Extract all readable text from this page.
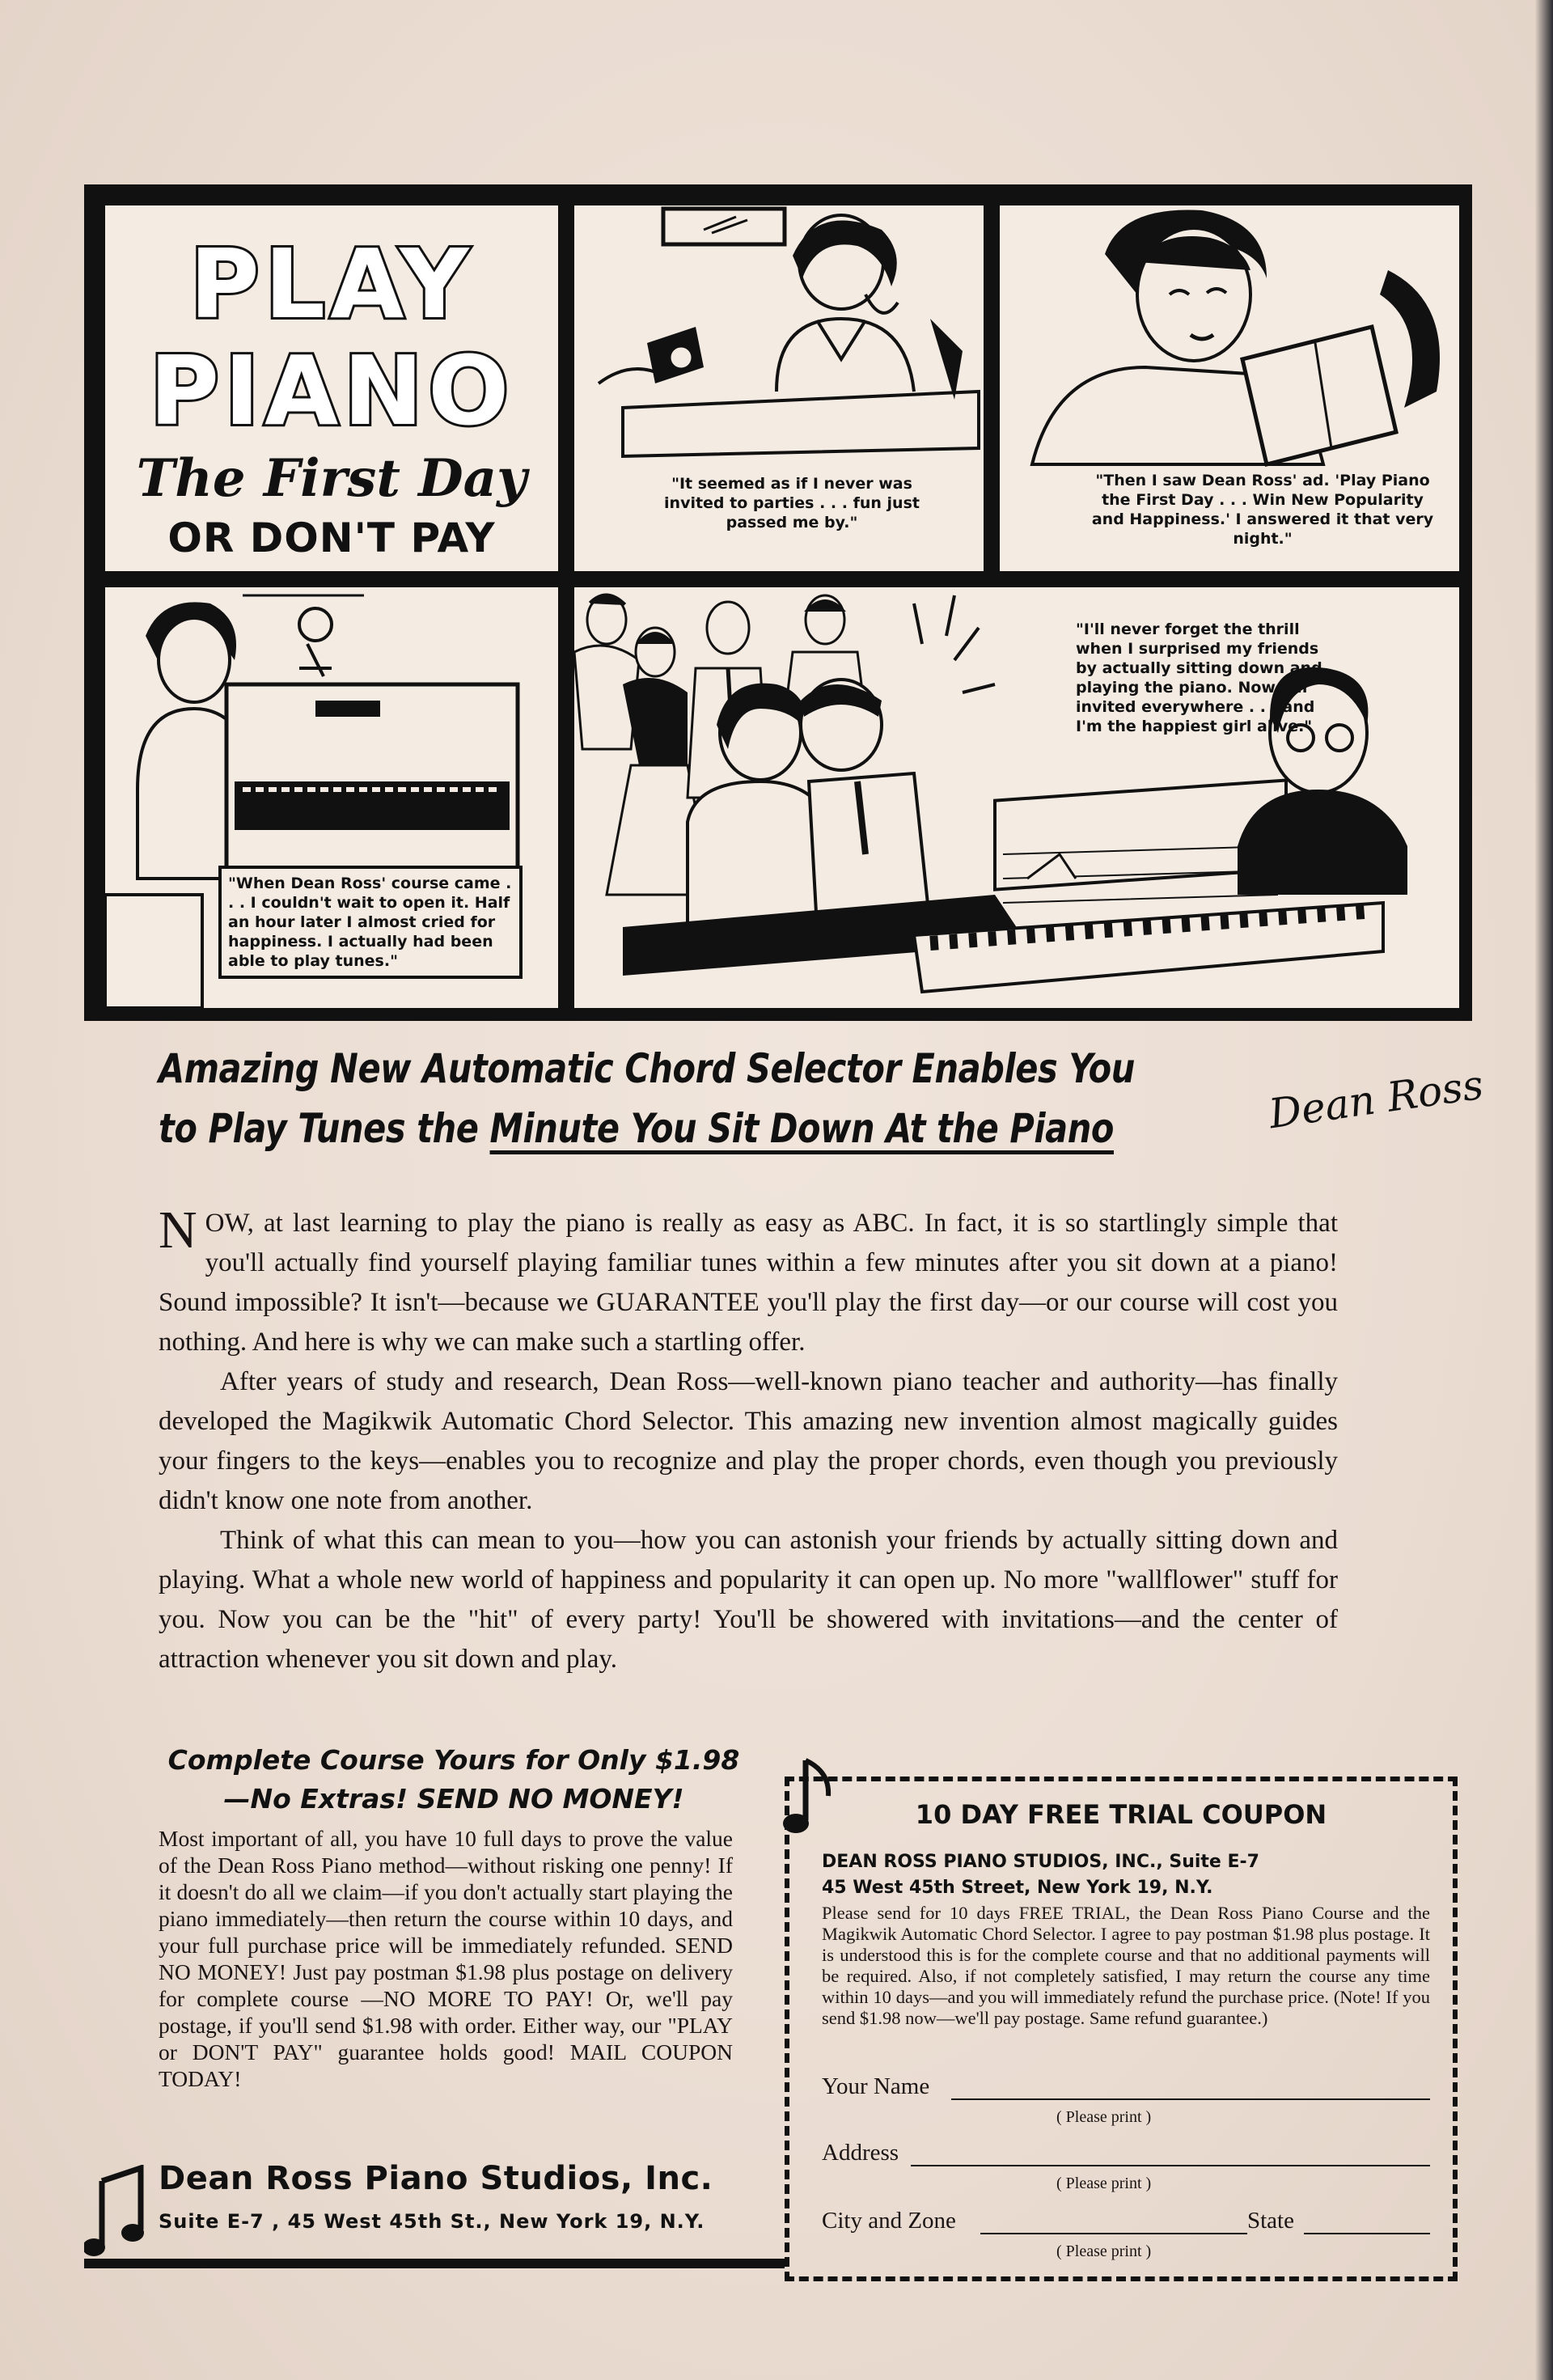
PLAY
PIANO
The First Day
OR DON'T PAY
"It seemed as if I never was invited to parties . . . fun just passed me by."
"Then I saw Dean Ross' ad. 'Play Piano the First Day . . . Win New Popularity and Happiness.' I answered it that very night."
"When Dean Ross' course came . . . I couldn't wait to open it. Half an hour later I almost cried for happiness. I actually had been able to play tunes."
"I'll never forget the thrill when I surprised my friends by actually sitting down and playing the piano. Now I'm invited everywhere . . . and I'm the happiest girl alive."
Amazing New Automatic Chord Selector Enables You
to Play Tunes the Minute You Sit Down At the Piano	Dean Ross

NOW, at last learning to play the piano is really as easy as ABC. In fact, it is so startlingly simple that you'll actually find yourself playing familiar tunes within a few minutes after you sit down at a piano! Sound impossible? It isn't—because we GUARANTEE you'll play the first day—or our course will cost you nothing. And here is why we can make such a startling offer.

After years of study and research, Dean Ross—well-known piano teacher and authority—has finally developed the Magikwik Automatic Chord Selector. This amazing new invention almost magically guides your fingers to the keys—enables you to recognize and play the proper chords, even though you previously didn't know one note from another.

Think of what this can mean to you—how you can astonish your friends by actually sitting down and playing. What a whole new world of happiness and popularity it can open up. No more "wallflower" stuff for you. Now you can be the "hit" of every party! You'll be showered with invitations—and the center of attraction whenever you sit down and play.

Complete Course Yours for Only $1.98
—No Extras! SEND NO MONEY!
Most important of all, you have 10 full days to prove the value of the Dean Ross Piano method—without risking one penny! If it doesn't do all we claim—if you don't actually start playing the piano immediately—then return the course within 10 days, and your full purchase price will be immediately refunded. SEND NO MONEY! Just pay postman $1.98 plus postage on delivery for complete course —NO MORE TO PAY! Or, we'll pay postage, if you'll send $1.98 with order. Either way, our "PLAY or DON'T PAY" guarantee holds good! MAIL COUPON TODAY!
Dean Ross Piano Studios, Inc.
Suite E-7 , 45 West 45th St., New York 19, N.Y.
10 DAY FREE TRIAL COUPON
DEAN ROSS PIANO STUDIOS, INC., Suite E-7
45 West 45th Street, New York 19, N.Y.
Please send for 10 days FREE TRIAL, the Dean Ross Piano Course and the Magikwik Automatic Chord Selector. I agree to pay postman $1.98 plus postage. It is understood this is for the complete course and that no additional payments will be required. Also, if not completely satisfied, I may return the course any time within 10 days—and you will immediately refund the purchase price. (Note! If you send $1.98 now—we'll pay postage. Same refund guarantee.)
Your Name
( Please print )
Address
( Please print )
City and Zone	State
( Please print )
